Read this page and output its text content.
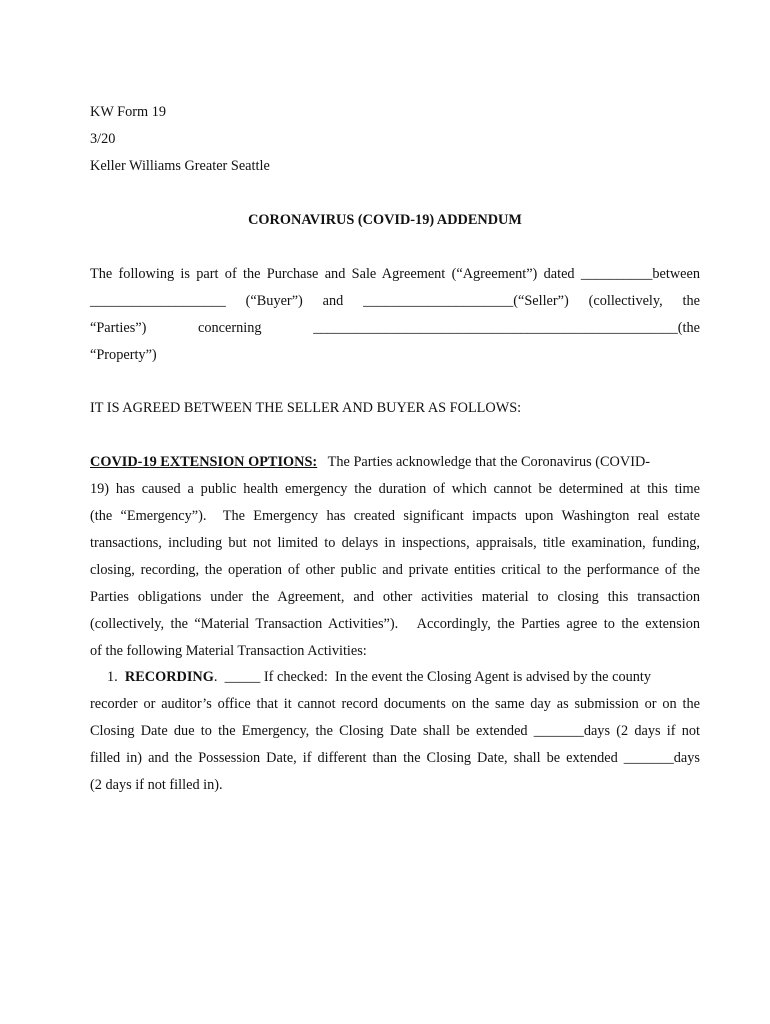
KW Form 19
3/20
Keller Williams Greater Seattle
CORONAVIRUS (COVID-19) ADDENDUM
The following is part of the Purchase and Sale Agreement (“Agreement”) dated __________between
___________________ (“Buyer”) and _____________________(“Seller”) (collectively, the
“Parties”) concerning ___________________________________________________(the
“Property”)
IT IS AGREED BETWEEN THE SELLER AND BUYER AS FOLLOWS:
COVID-19 EXTENSION OPTIONS: The Parties acknowledge that the Coronavirus (COVID-
19) has caused a public health emergency the duration of which cannot be determined at this time
(the “Emergency”).  The Emergency has created significant impacts upon Washington real estate
transactions, including but not limited to delays in inspections, appraisals, title examination, funding,
closing, recording, the operation of other public and private entities critical to the performance of the
Parties obligations under the Agreement, and other activities material to closing this transaction
(collectively, the “Material Transaction Activities”).   Accordingly, the Parties agree to the extension
of the following Material Transaction Activities:
1. RECORDING.  _____ If checked:  In the event the Closing Agent is advised by the county
recorder or auditor’s office that it cannot record documents on the same day as submission or on the
Closing Date due to the Emergency, the Closing Date shall be extended _______days (2 days if not
filled in) and the Possession Date, if different than the Closing Date, shall be extended _______days
(2 days if not filled in).
